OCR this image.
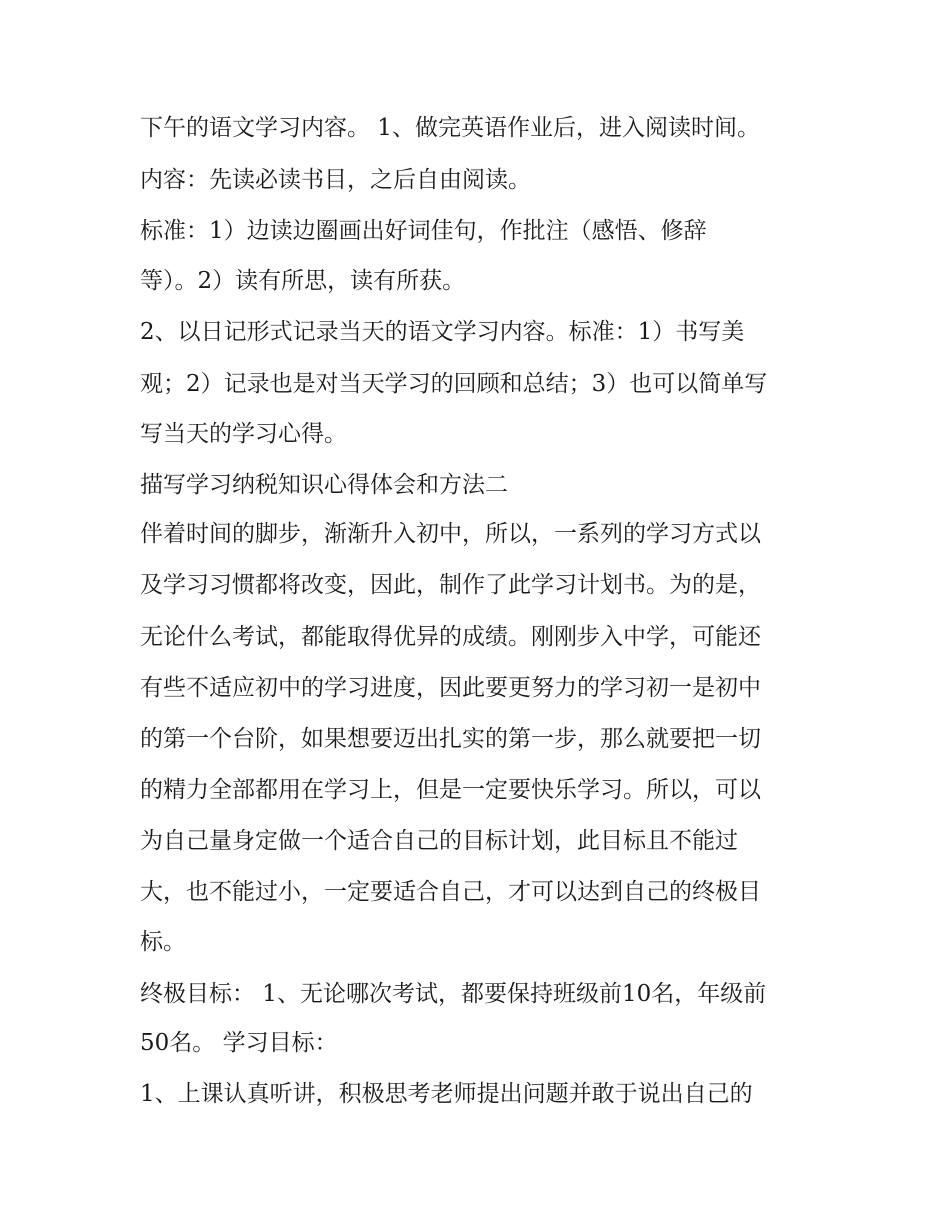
下午的语文学习内容。 1、做完英语作业后，进入阅读时间。
内容：先读必读书目，之后自由阅读。
标准：1）边读边圈画出好词佳句，作批注（感悟、修辞
等）。2）读有所思，读有所获。
2、以日记形式记录当天的语文学习内容。标准：1）书写美
观；2）记录也是对当天学习的回顾和总结；3）也可以简单写
写当天的学习心得。
描写学习纳税知识心得体会和方法二
伴着时间的脚步，渐渐升入初中，所以，一系列的学习方式以
及学习习惯都将改变，因此，制作了此学习计划书。为的是，
无论什么考试，都能取得优异的成绩。刚刚步入中学，可能还
有些不适应初中的学习进度，因此要更努力的学习初一是初中
的第一个台阶，如果想要迈出扎实的第一步，那么就要把一切
的精力全部都用在学习上，但是一定要快乐学习。所以，可以
为自己量身定做一个适合自己的目标计划，此目标且不能过
大，也不能过小，一定要适合自己，才可以达到自己的终极目
标。
终极目标： 1、无论哪次考试，都要保持班级前10名，年级前
50名。 学习目标：
1、上课认真听讲，积极思考老师提出问题并敢于说出自己的
